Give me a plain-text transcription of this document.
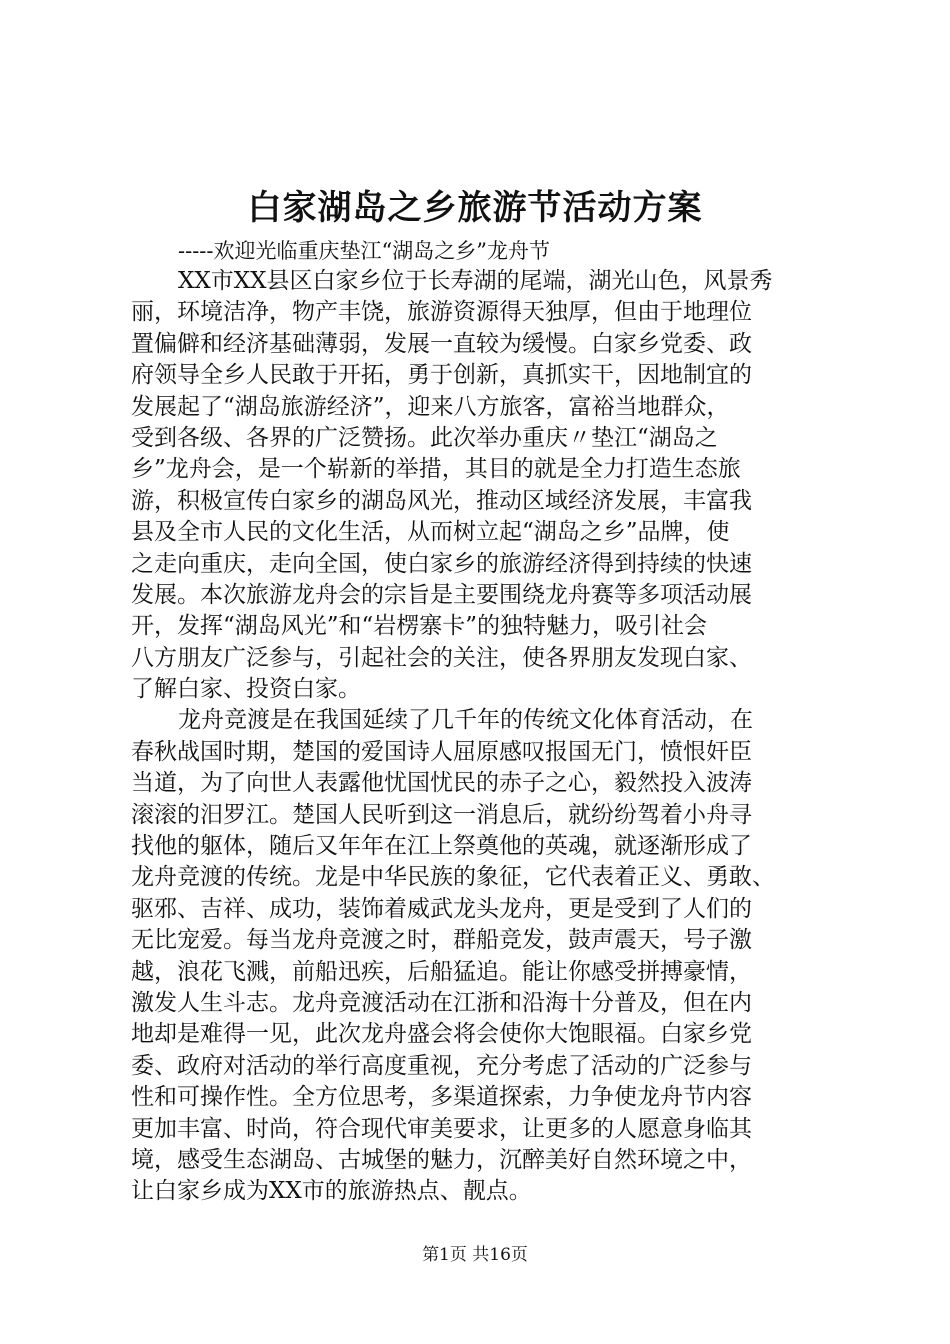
白家湖岛之乡旅游节活动方案
-----欢迎光临重庆垫江“湖岛之乡”龙舟节
XX市XX县区白家乡位于长寿湖的尾端，湖光山色，风景秀
丽，环境洁净，物产丰饶，旅游资源得天独厚，但由于地理位
置偏僻和经济基础薄弱，发展一直较为缓慢。白家乡党委、政
府领导全乡人民敢于开拓，勇于创新，真抓实干，因地制宜的
发展起了“湖岛旅游经济”，迎来八方旅客，富裕当地群众，
受到各级、各界的广泛赞扬。此次举办重庆〃垫江“湖岛之
乡”龙舟会，是一个崭新的举措，其目的就是全力打造生态旅
游，积极宣传白家乡的湖岛风光，推动区域经济发展，丰富我
县及全市人民的文化生活，从而树立起“湖岛之乡”品牌，使
之走向重庆，走向全国，使白家乡的旅游经济得到持续的快速
发展。本次旅游龙舟会的宗旨是主要围绕龙舟赛等多项活动展
开，发挥“湖岛风光”和“岩楞寨卡”的独特魅力，吸引社会
八方朋友广泛参与，引起社会的关注，使各界朋友发现白家、
了解白家、投资白家。
龙舟竞渡是在我国延续了几千年的传统文化体育活动，在
春秋战国时期，楚国的爱国诗人屈原感叹报国无门，愤恨奸臣
当道，为了向世人表露他忧国忧民的赤子之心，毅然投入波涛
滚滚的汨罗江。楚国人民听到这一消息后，就纷纷驾着小舟寻
找他的躯体，随后又年年在江上祭奠他的英魂，就逐渐形成了
龙舟竞渡的传统。龙是中华民族的象征，它代表着正义、勇敢、
驱邪、吉祥、成功，装饰着威武龙头龙舟，更是受到了人们的
无比宠爱。每当龙舟竞渡之时，群船竞发，鼓声震天，号子激
越，浪花飞溅，前船迅疾，后船猛追。能让你感受拼搏豪情，
激发人生斗志。龙舟竞渡活动在江浙和沿海十分普及，但在内
地却是难得一见，此次龙舟盛会将会使你大饱眼福。白家乡党
委、政府对活动的举行高度重视，充分考虑了活动的广泛参与
性和可操作性。全方位思考，多渠道探索，力争使龙舟节内容
更加丰富、时尚，符合现代审美要求，让更多的人愿意身临其
境，感受生态湖岛、古城堡的魅力，沉醉美好自然环境之中，
让白家乡成为XX市的旅游热点、靓点。
第1页 共16页
